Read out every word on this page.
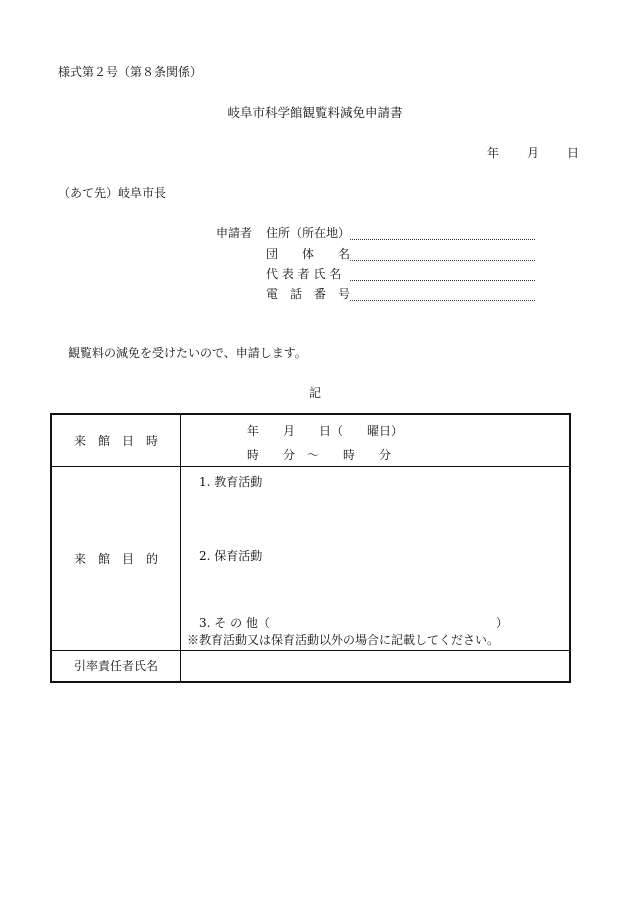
様式第２号（第８条関係）
岐阜市科学館観覧料減免申請書
年 月 日
（あて先）岐阜市長
申請者 住所（所在地）
団　　体　　名
代 表 者 氏 名
電　話　番　号
観覧料の減免を受けたいので、申請します。
記
来　館　日　時	年　　月　　日（　　曜日）
時　　分　～　　時　　分

来　館　目　的	1. 教育活動
2. 保育活動
3. そ の 他（ ）
※教育活動又は保育活動以外の場合に記載してください。

引率責任者氏名	
